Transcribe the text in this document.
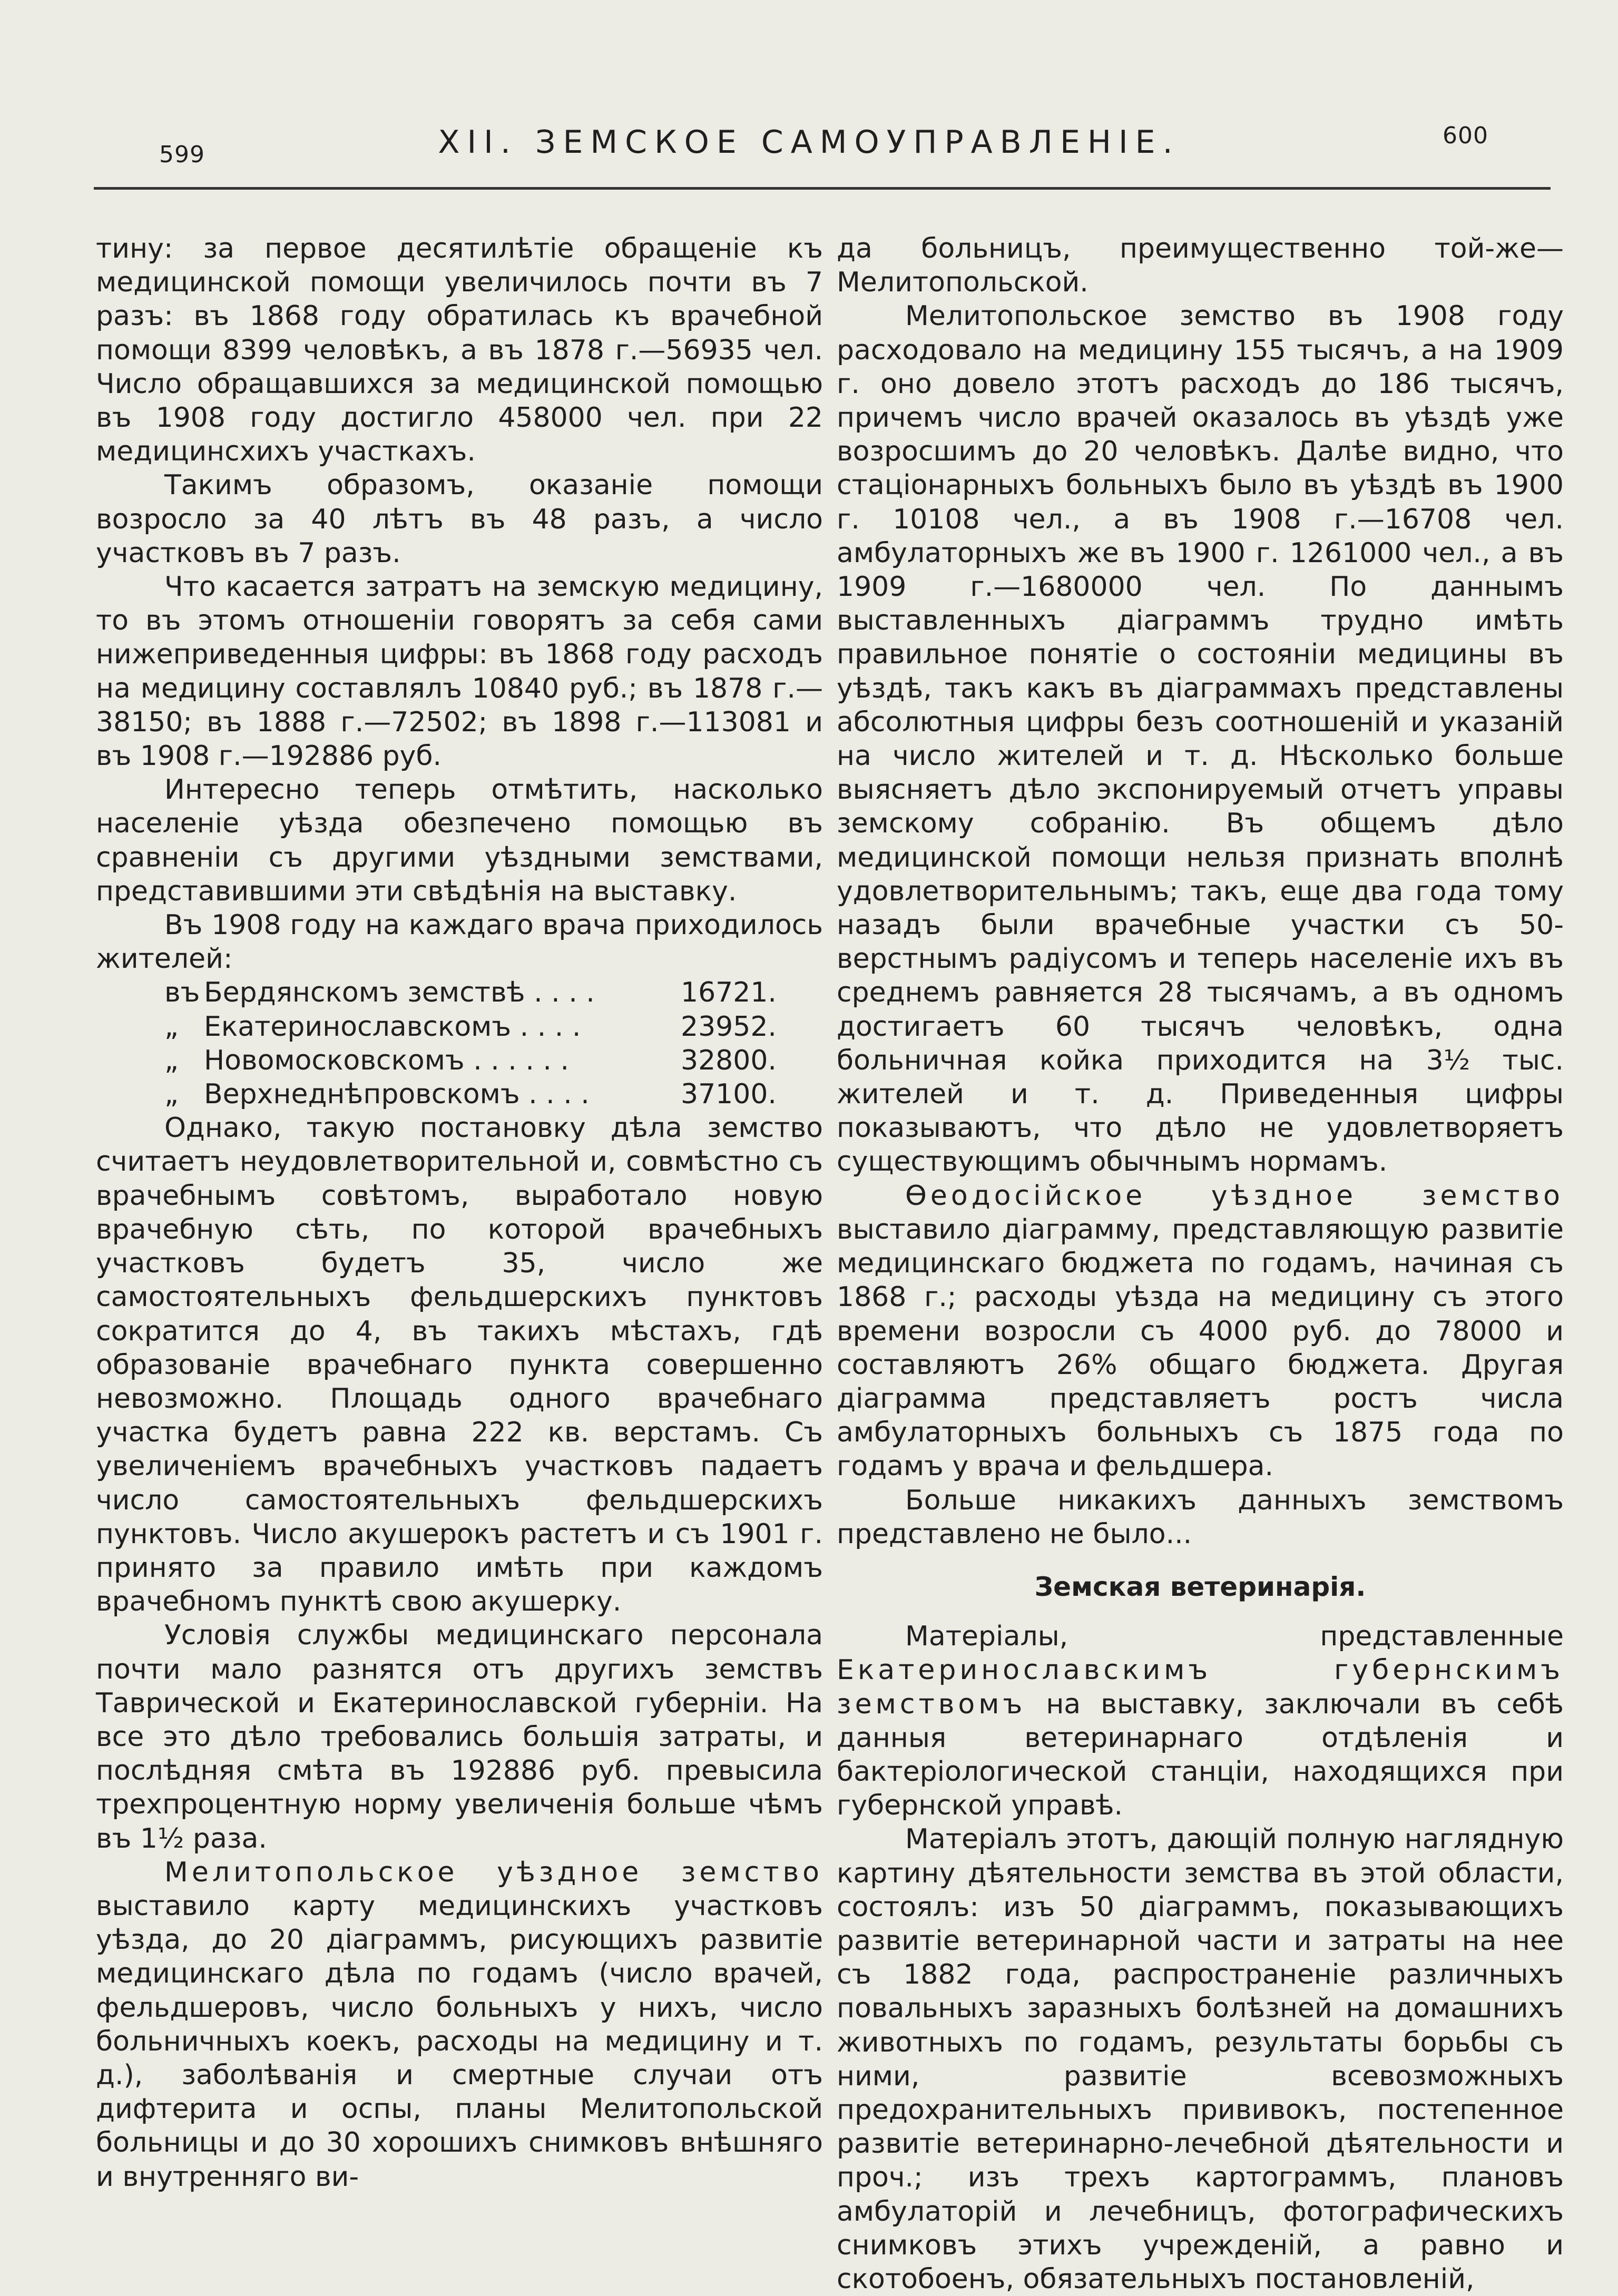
599	XII. ЗЕМСКОЕ САМОУПРАВЛЕНІЕ.	600

тину: за первое десятилѣтіе обращеніе къ медицинской помощи увеличилось почти въ 7 разъ: въ 1868 году обратилась къ врачебной помощи 8399 человѣкъ, а въ 1878 г.—56935 чел. Число обращавшихся за медицинской помощью въ 1908 году достигло 458000 чел. при 22 медицинсхихъ участкахъ.

Такимъ образомъ, оказаніе помощи возросло за 40 лѣтъ въ 48 разъ, а число участковъ въ 7 разъ.

Что касается затратъ на земскую медицину, то въ этомъ отношеніи говорятъ за себя сами нижеприведенныя цифры: въ 1868 году расходъ на медицину составлялъ 10840 руб.; въ 1878 г.—38150; въ 1888 г.—72502; въ 1898 г.—113081 и въ 1908 г.—192886 руб.

Интересно теперь отмѣтить, насколько населеніе уѣзда обезпечено помощью въ сравненіи съ другими уѣздными земствами, представившими эти свѣдѣнія на выставку.

Въ 1908 году на каждаго врача приходилось жителей:

въ Бердянскомъ земствѣ . . . .	16721.
„ Екатеринославскомъ . . . .	23952.
„ Новомосковскомъ . . . . . .	32800.
„ Верхнеднѣпровскомъ . . . .	37100.

Однако, такую постановку дѣла земство считаетъ неудовлетворительной и, совмѣстно съ врачебнымъ совѣтомъ, выработало новую врачебную сѣть, по которой врачебныхъ участковъ будетъ 35, число же самостоятельныхъ фельдшерскихъ пунктовъ сократится до 4, въ такихъ мѣстахъ, гдѣ образованіе врачебнаго пункта совершенно невозможно. Площадь одного врачебнаго участка будетъ равна 222 кв. верстамъ. Съ увеличеніемъ врачебныхъ участковъ падаетъ число самостоятельныхъ фельдшерскихъ пунктовъ. Число акушерокъ растетъ и съ 1901 г. принято за правило имѣть при каждомъ врачебномъ пунктѣ свою акушерку.

Условія службы медицинскаго персонала почти мало разнятся отъ другихъ земствъ Таврической и Екатеринославской губерніи. На все это дѣло требовались большія затраты, и послѣдняя смѣта въ 192886 руб. превысила трехпроцентную норму увеличенія больше чѣмъ въ 1½ раза.

Мелитопольское уѣздное земство выставило карту медицинскихъ участковъ уѣзда, до 20 діаграммъ, рисующихъ развитіе медицинскаго дѣла по годамъ (число врачей, фельдшеровъ, число больныхъ у нихъ, число больничныхъ коекъ, расходы на медицину и т. д.), заболѣванія и смертные случаи отъ дифтерита и оспы, планы Мелитопольской больницы и до 30 хорошихъ снимковъ внѣшняго и внутренняго ви-

да больницъ, преимущественно той-же—Мелитопольской.

Мелитопольское земство въ 1908 году расходовало на медицину 155 тысячъ, а на 1909 г. оно довело этотъ расходъ до 186 тысячъ, причемъ число врачей оказалось въ уѣздѣ уже возросшимъ до 20 человѣкъ. Далѣе видно, что стаціонарныхъ больныхъ было въ уѣздѣ въ 1900 г. 10108 чел., а въ 1908 г.—16708 чел. амбулаторныхъ же въ 1900 г. 1261000 чел., а въ 1909 г.—1680000 чел. По даннымъ выставленныхъ діаграммъ трудно имѣть правильное понятіе о состояніи медицины въ уѣздѣ, такъ какъ въ діаграммахъ представлены абсолютныя цифры безъ соотношеній и указаній на число жителей и т. д. Нѣсколько больше выясняетъ дѣло экспонируемый отчетъ управы земскому собранію. Въ общемъ дѣло медицинской помощи нельзя признать вполнѣ удовлетворительнымъ; такъ, еще два года тому назадъ были врачебные участки съ 50-верстнымъ радіусомъ и теперь населеніе ихъ въ среднемъ равняется 28 тысячамъ, а въ одномъ достигаетъ 60 тысячъ человѣкъ, одна больничная койка приходится на 3½ тыс. жителей и т. д. Приведенныя цифры показываютъ, что дѣло не удовлетворяетъ существующимъ обычнымъ нормамъ.

Ѳеодосійское уѣздное земство выставило діаграмму, представляющую развитіе медицинскаго бюджета по годамъ, начиная съ 1868 г.; расходы уѣзда на медицину съ этого времени возросли съ 4000 руб. до 78000 и составляютъ 26% общаго бюджета. Другая діаграмма представляетъ ростъ числа амбулаторныхъ больныхъ съ 1875 года по годамъ у врача и фельдшера.

Больше никакихъ данныхъ земствомъ представлено не было...

Земская ветеринарія.

Матеріалы, представленные Екатеринославскимъ губернскимъ земствомъ на выставку, заключали въ себѣ данныя ветеринарнаго отдѣленія и бактеріологической станціи, находящихся при губернской управѣ.

Матеріалъ этотъ, дающій полную наглядную картину дѣятельности земства въ этой области, состоялъ: изъ 50 діаграммъ, показывающихъ развитіе ветеринарной части и затраты на нее съ 1882 года, распространеніе различныхъ повальныхъ заразныхъ болѣзней на домашнихъ животныхъ по годамъ, результаты борьбы съ ними, развитіе всевозможныхъ предохранительныхъ прививокъ, постепенное развитіе ветеринарно-лечебной дѣятельности и проч.; изъ трехъ картограммъ, плановъ амбулаторій и лечебницъ, фотографическихъ снимковъ этихъ учрежденій, а равно и скотобоенъ, обязательныхъ постановленій,
